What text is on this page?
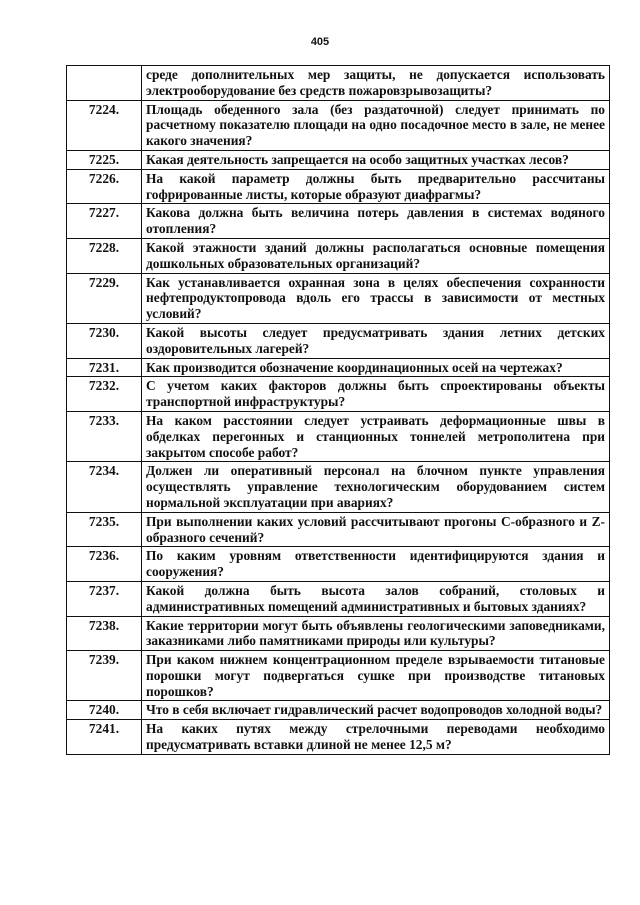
405
	среде дополнительных мер защиты, не допускается использовать электрооборудование без средств пожаровзрывозащиты?
7224.	Площадь обеденного зала (без раздаточной) следует принимать по расчетному показателю площади на одно посадочное место в зале, не менее какого значения?
7225.	Какая деятельность запрещается на особо защитных участках лесов?
7226.	На какой параметр должны быть предварительно рассчитаны гофрированные листы, которые образуют диафрагмы?
7227.	Какова должна быть величина потерь давления в системах водяного отопления?
7228.	Какой этажности зданий должны располагаться основные помещения дошкольных образовательных организаций?
7229.	Как устанавливается охранная зона в целях обеспечения сохранности нефтепродуктопровода вдоль его трассы в зависимости от местных условий?
7230.	Какой высоты следует предусматривать здания летних детских оздоровительных лагерей?
7231.	Как производится обозначение координационных осей на чертежах?
7232.	С учетом каких факторов должны быть спроектированы объекты транспортной инфраструктуры?
7233.	На каком расстоянии следует устраивать деформационные швы в обделках перегонных и станционных тоннелей метрополитена при закрытом способе работ?
7234.	Должен ли оперативный персонал на блочном пункте управления осуществлять управление технологическим оборудованием систем нормальной эксплуатации при авариях?
7235.	При выполнении каких условий рассчитывают прогоны С-образного и Z-образного сечений?
7236.	По каким уровням ответственности идентифицируются здания и сооружения?
7237.	Какой должна быть высота залов собраний, столовых и административных помещений административных и бытовых зданиях?
7238.	Какие территории могут быть объявлены геологическими заповедниками, заказниками либо памятниками природы или культуры?
7239.	При каком нижнем концентрационном пределе взрываемости титановые порошки могут подвергаться сушке при производстве титановых порошков?
7240.	Что в себя включает гидравлический расчет водопроводов холодной воды?
7241.	На каких путях между стрелочными переводами необходимо предусматривать вставки длиной не менее 12,5 м?
